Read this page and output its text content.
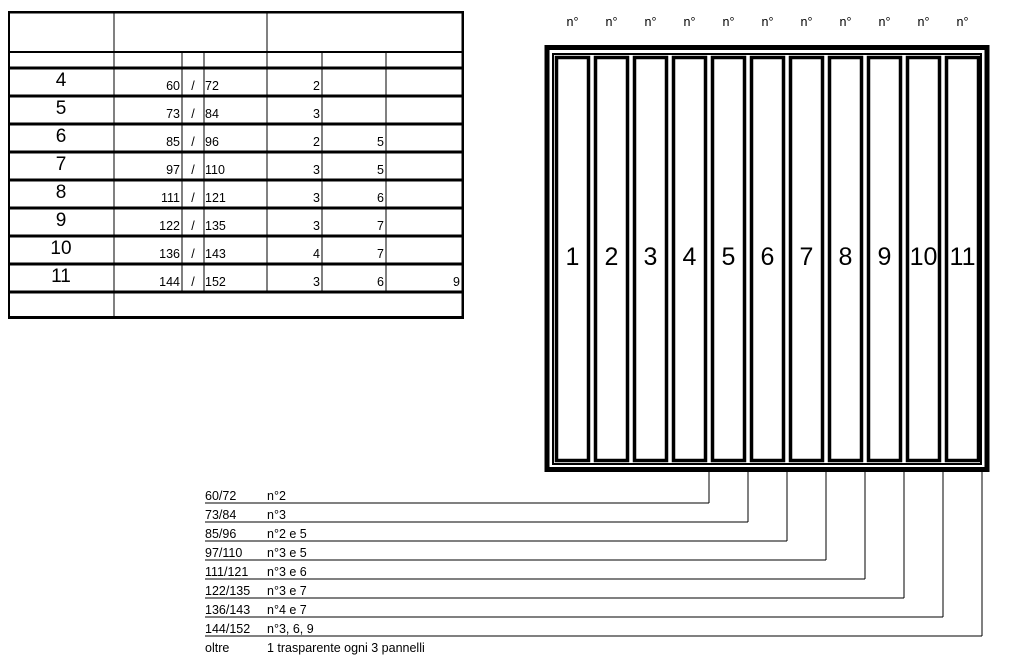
4	60 / 72	2
5	73 / 84	3
6	85 / 96	2	5
7	97 / 110	3	5
8	111 / 121	3	6
9	122 / 135	3	7
10	136 / 143	4	7
11	144 / 152	3	6	9
n°
1
n°
2
n°
3
n°
4
n°
5
n°
6
n°
7
n°
8
n°
9
n°
10
n°
11
60/72 n°2
73/84 n°3
85/96 n°2 e 5
97/110 n°3 e 5
111/121 n°3 e 6
122/135 n°3 e 7
136/143 n°4 e 7
144/152 n°3, 6, 9
oltre	1 trasparente ogni 3 pannelli
